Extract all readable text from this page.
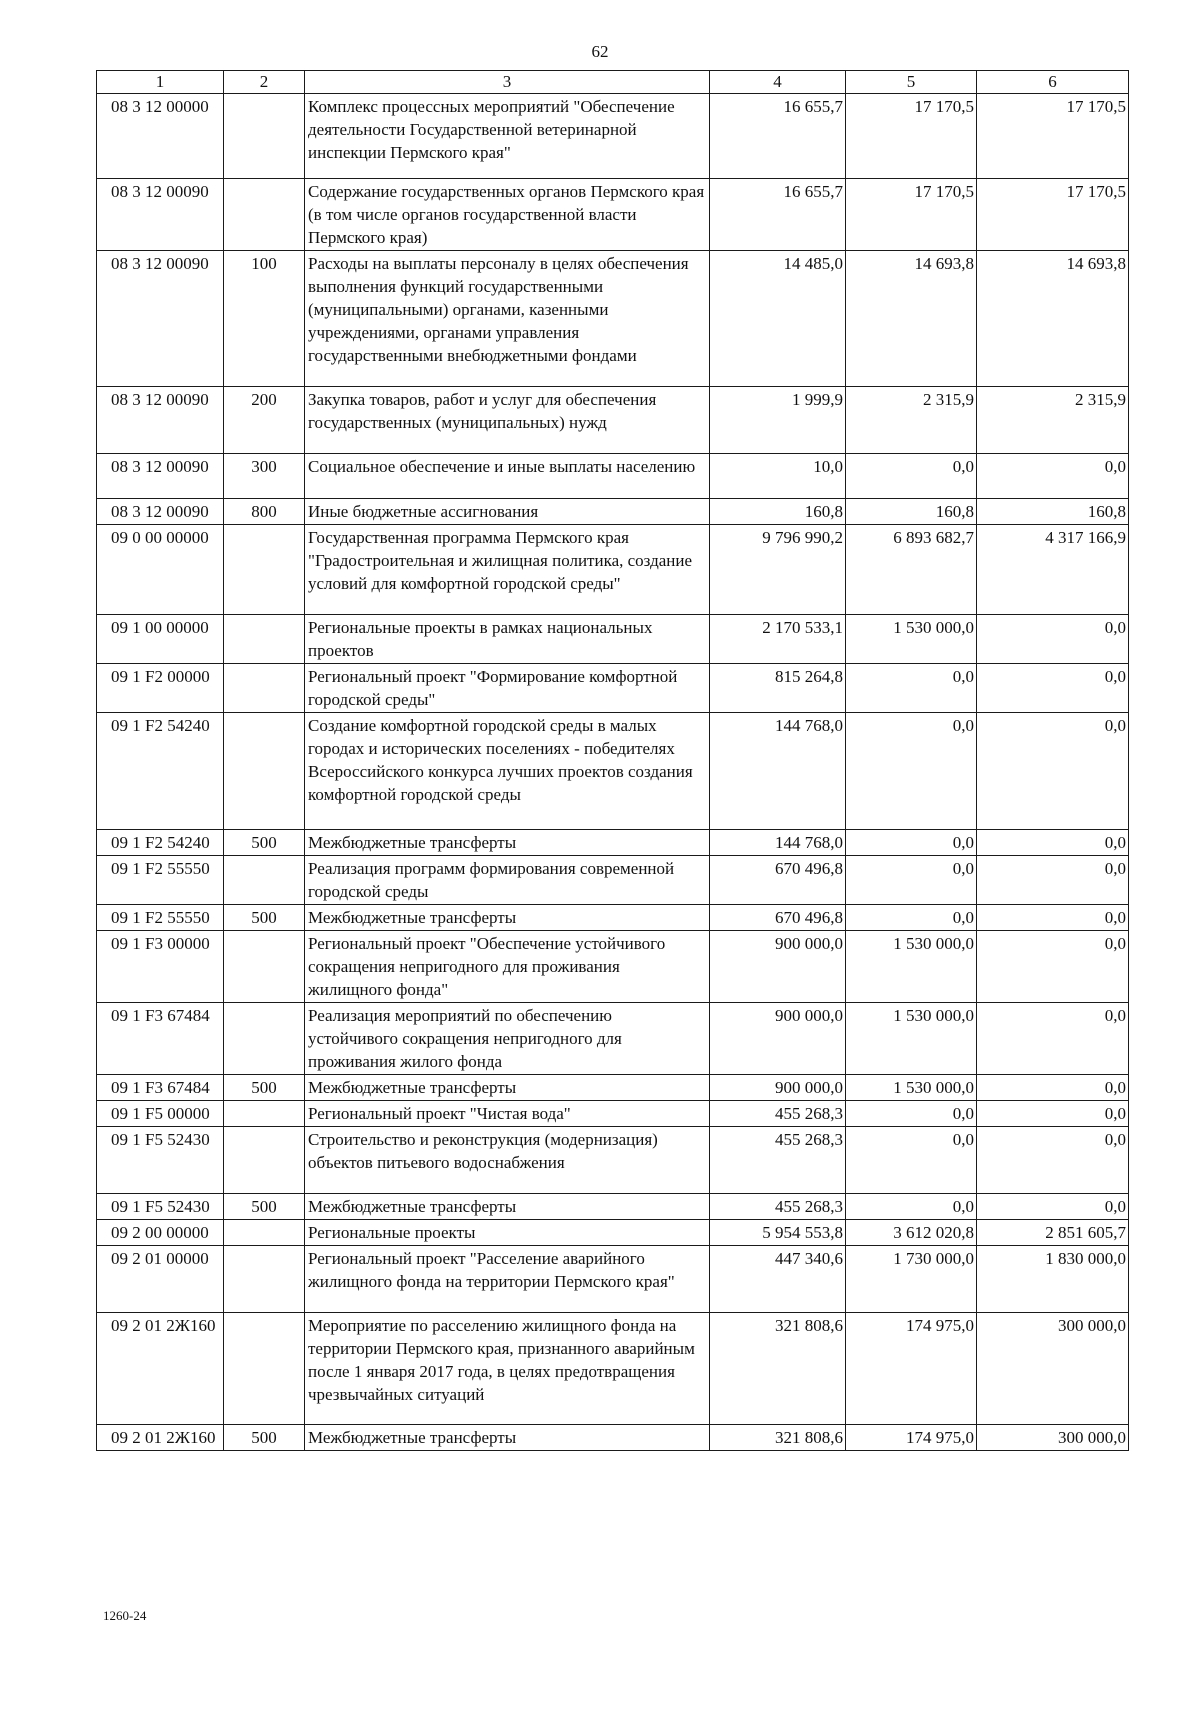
62
1	2	3	4	5	6
08 3 12 00000		Комплекс процессных мероприятий "Обеспечение деятельности Государственной ветеринарной инспекции Пермского края"	16 655,7	17 170,5	17 170,5
08 3 12 00090		Содержание государственных органов Пермского края (в том числе органов государственной власти Пермского края)	16 655,7	17 170,5	17 170,5
08 3 12 00090	100	Расходы на выплаты персоналу в целях обеспечения выполнения функций государственными (муниципальными) органами, казенными учреждениями, органами управления государственными внебюджетными фондами	14 485,0	14 693,8	14 693,8
08 3 12 00090	200	Закупка товаров, работ и услуг для обеспечения государственных (муниципальных) нужд	1 999,9	2 315,9	2 315,9
08 3 12 00090	300	Социальное обеспечение и иные выплаты населению	10,0	0,0	0,0
08 3 12 00090	800	Иные бюджетные ассигнования	160,8	160,8	160,8
09 0 00 00000		Государственная программа Пермского края "Градостроительная и жилищная политика, создание условий для комфортной городской среды"	9 796 990,2	6 893 682,7	4 317 166,9
09 1 00 00000		Региональные проекты в рамках национальных проектов	2 170 533,1	1 530 000,0	0,0
09 1 F2 00000		Региональный проект "Формирование комфортной городской среды"	815 264,8	0,0	0,0
09 1 F2 54240		Создание комфортной городской среды в малых городах и исторических поселениях - победителях Всероссийского конкурса лучших проектов создания комфортной городской среды	144 768,0	0,0	0,0
09 1 F2 54240	500	Межбюджетные трансферты	144 768,0	0,0	0,0
09 1 F2 55550		Реализация программ формирования современной городской среды	670 496,8	0,0	0,0
09 1 F2 55550	500	Межбюджетные трансферты	670 496,8	0,0	0,0
09 1 F3 00000		Региональный проект "Обеспечение устойчивого сокращения непригодного для проживания жилищного фонда"	900 000,0	1 530 000,0	0,0
09 1 F3 67484		Реализация мероприятий по обеспечению устойчивого сокращения непригодного для проживания жилого фонда	900 000,0	1 530 000,0	0,0
09 1 F3 67484	500	Межбюджетные трансферты	900 000,0	1 530 000,0	0,0
09 1 F5 00000		Региональный проект "Чистая вода"	455 268,3	0,0	0,0
09 1 F5 52430		Строительство и реконструкция (модернизация) объектов питьевого водоснабжения	455 268,3	0,0	0,0
09 1 F5 52430	500	Межбюджетные трансферты	455 268,3	0,0	0,0
09 2 00 00000		Региональные проекты	5 954 553,8	3 612 020,8	2 851 605,7
09 2 01 00000		Региональный проект "Расселение аварийного жилищного фонда на территории Пермского края"	447 340,6	1 730 000,0	1 830 000,0
09 2 01 2Ж160		Мероприятие по расселению жилищного фонда на территории Пермского края, признанного аварийным после 1 января 2017 года, в целях предотвращения чрезвычайных ситуаций	321 808,6	174 975,0	300 000,0
09 2 01 2Ж160	500	Межбюджетные трансферты	321 808,6	174 975,0	300 000,0
1260-24
